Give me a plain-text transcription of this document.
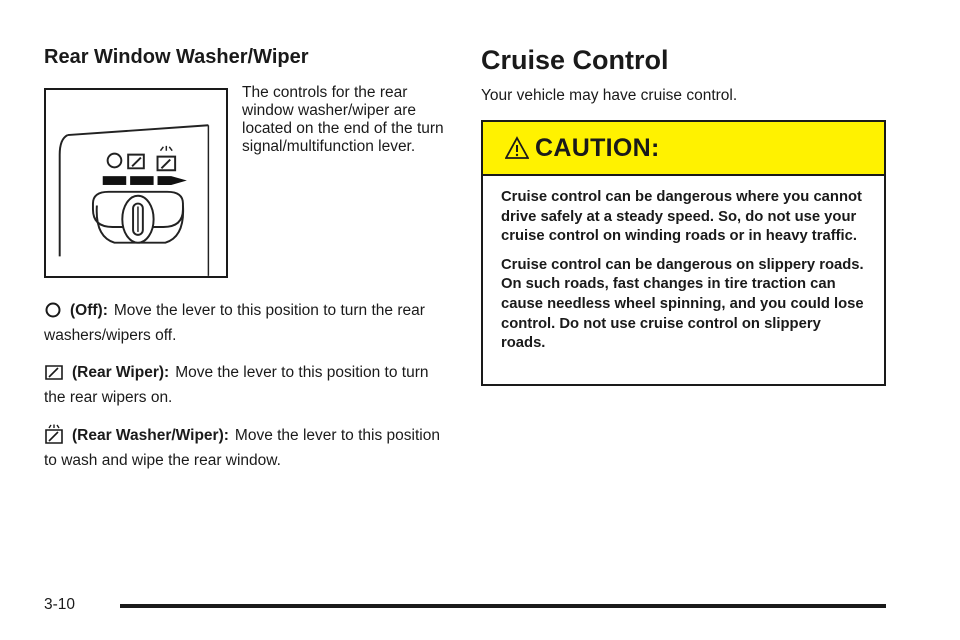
Rear Window Washer/Wiper
The controls for the rear window washer/wiper are located on the end of the turn signal/multifunction lever.
(Off): Move the lever to this position to turn the rear washers/wipers off.
(Rear Wiper): Move the lever to this position to turn the rear wipers on.
(Rear Washer/Wiper): Move the lever to this position to wash and wipe the rear window.
Cruise Control
Your vehicle may have cruise control.
CAUTION:

Cruise control can be dangerous where you cannot drive safely at a steady speed. So, do not use your cruise control on winding roads or in heavy traffic.

Cruise control can be dangerous on slippery roads. On such roads, fast changes in tire traction can cause needless wheel spinning, and you could lose control. Do not use cruise control on slippery roads.

3-10
